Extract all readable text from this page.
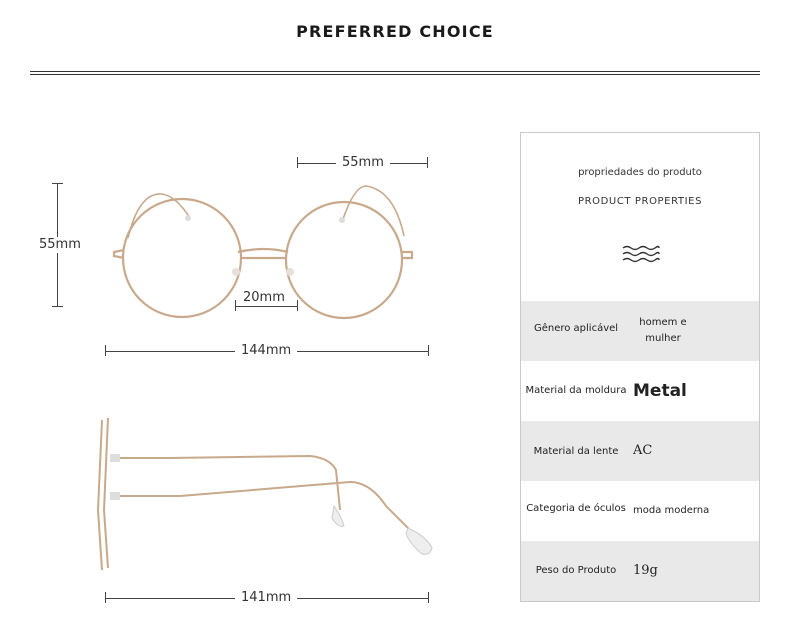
PREFERRED CHOICE
55mm
55mm
20mm
144mm
141mm
propriedades do produto
PRODUCT PROPERTIES
Gênero aplicável
homem e
mulher
Material da moldura Metal
Material da lente	AC
Categoria de óculos moda moderna
Peso do Produto	19g
